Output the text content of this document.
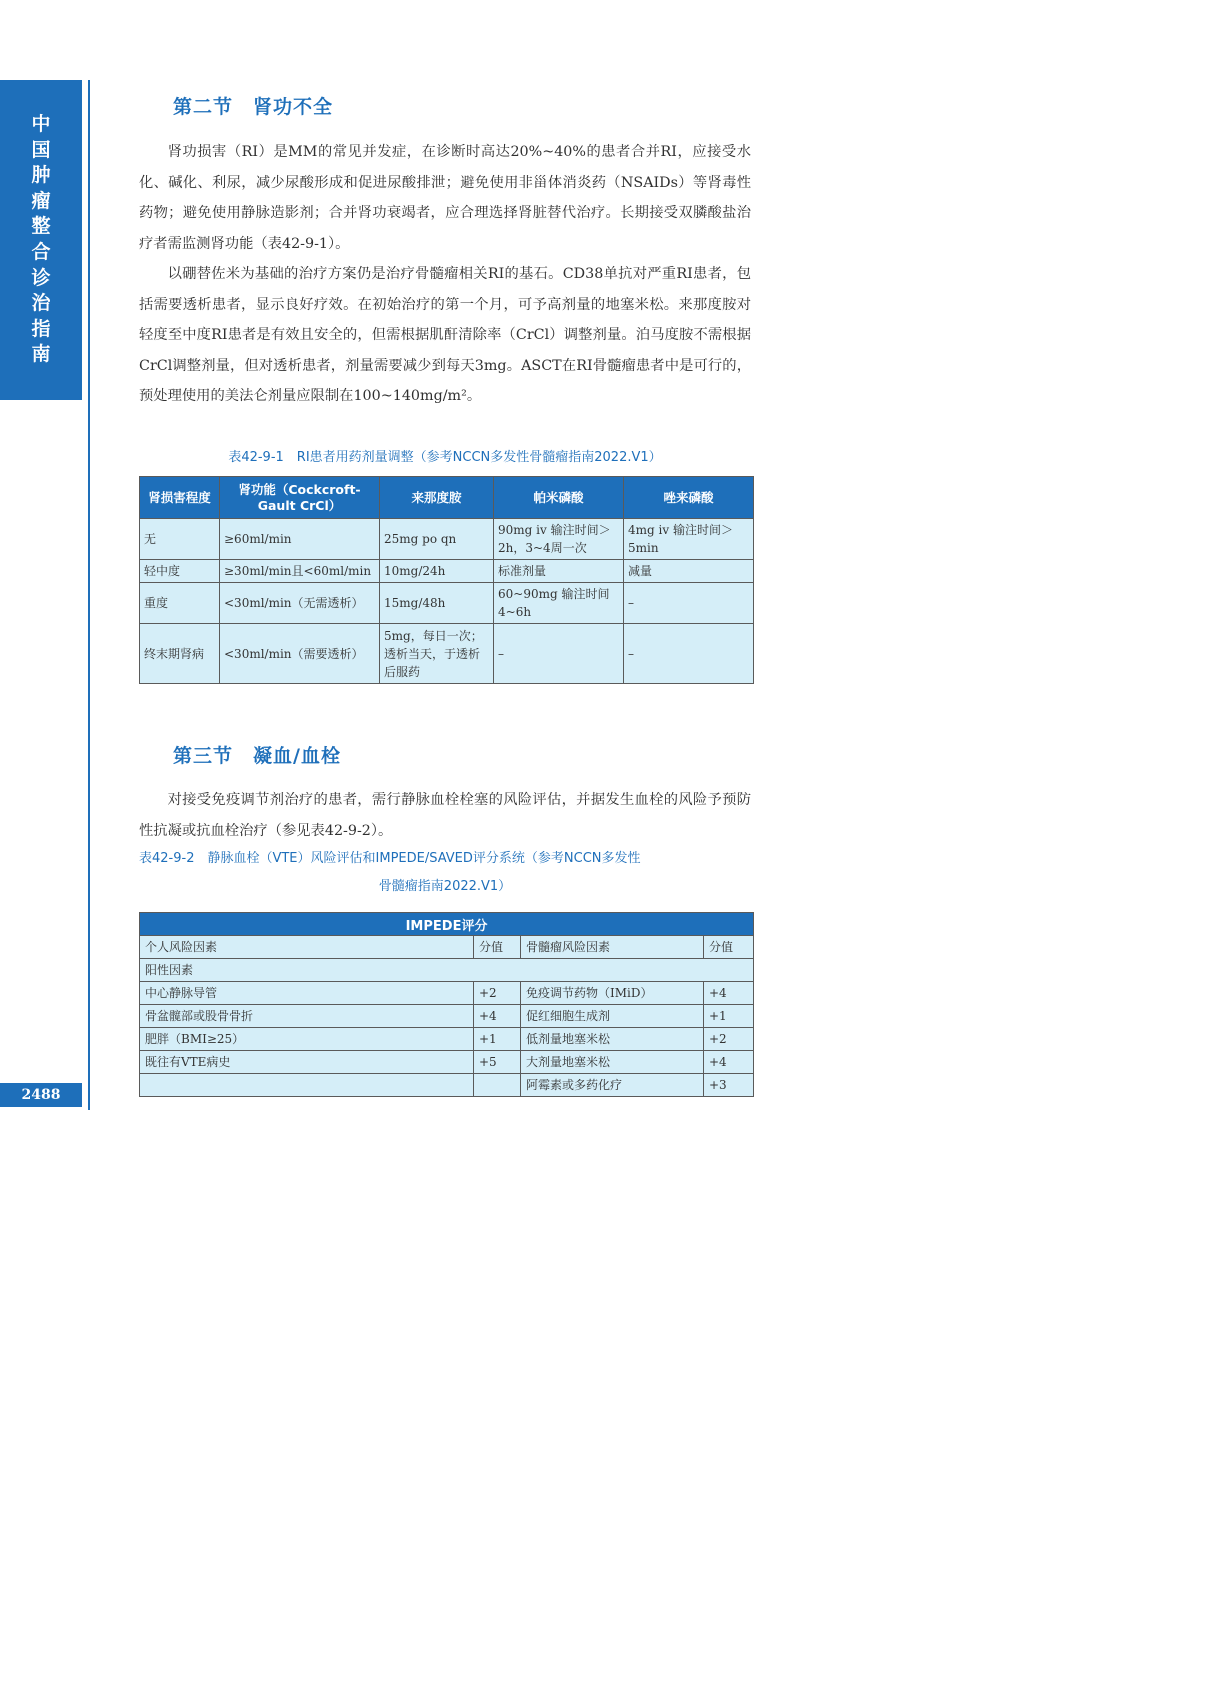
中
国
肿
瘤
整
合
诊
治
指
南
2488
第二节　肾功不全

肾功损害（RI）是MM的常见并发症，在诊断时高达20%~40%的患者合并RI，应接受水化、碱化、利尿，减少尿酸形成和促进尿酸排泄；避免使用非甾体消炎药（NSAIDs）等肾毒性药物；避免使用静脉造影剂；合并肾功衰竭者，应合理选择肾脏替代治疗。长期接受双膦酸盐治疗者需监测肾功能（表42-9-1）。

以硼替佐米为基础的治疗方案仍是治疗骨髓瘤相关RI的基石。CD38单抗对严重RI患者，包括需要透析患者，显示良好疗效。在初始治疗的第一个月，可予高剂量的地塞米松。来那度胺对轻度至中度RI患者是有效且安全的，但需根据肌酐清除率（CrCl）调整剂量。泊马度胺不需根据CrCl调整剂量，但对透析患者，剂量需要减少到每天3mg。ASCT在RI骨髓瘤患者中是可行的，预处理使用的美法仑剂量应限制在100~140mg/m²。

表42-9-1　RI患者用药剂量调整（参考NCCN多发性骨髓瘤指南2022.V1）

肾损害程度	肾功能（Cockcroft-Gault CrCl）	来那度胺	帕米磷酸	唑来磷酸
无	≥60ml/min	25mg po qn	90mg iv 输注时间＞2h，3~4周一次	4mg iv 输注时间＞5min
轻中度	≥30ml/min且<60ml/min	10mg/24h	标准剂量	减量
重度	<30ml/min（无需透析）	15mg/48h	60~90mg 输注时间4~6h	–
终末期肾病	<30ml/min（需要透析）	5mg，每日一次；透析当天，于透析后服药	–	–
第三节　凝血/血栓

对接受免疫调节剂治疗的患者，需行静脉血栓栓塞的风险评估，并据发生血栓的风险予预防性抗凝或抗血栓治疗（参见表42-9-2）。

表42-9-2　静脉血栓（VTE）风险评估和IMPEDE/SAVED评分系统（参考NCCN多发性
骨髓瘤指南2022.V1）

IMPEDE评分			
个人风险因素	分值	骨髓瘤风险因素	分值
阳性因素			
中心静脉导管	+2	免疫调节药物（IMiD）	+4
骨盆髋部或股骨骨折	+4	促红细胞生成剂	+1
肥胖（BMI≥25）	+1	低剂量地塞米松	+2
既往有VTE病史	+5	大剂量地塞米松	+4
		阿霉素或多药化疗	+3
